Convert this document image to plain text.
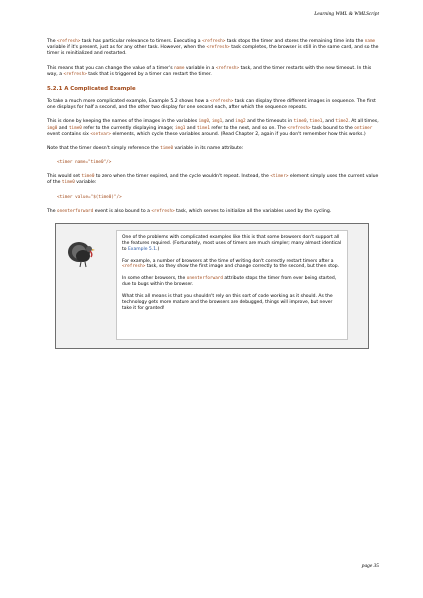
Learning WML & WMLScript

The <refresh> task has particular relevance to timers. Executing a <refresh> task stops the timer and stores the remaining time into the name variable if it's present, just as for any other task. However, when the <refresh> task completes, the browser is still in the same card, and so the timer is reinitialized and restarted.

This means that you can change the value of a timer's name variable in a <refresh> task, and the timer restarts with the new timeout. In this way, a <refresh> task that is triggered by a timer can restart the timer.

5.2.1 A Complicated Example

To take a much more complicated example, Example 5.2 shows how a <refresh> task can display three different images in sequence. The first one displays for half a second, and the other two display for one second each, after which the sequence repeats.

This is done by keeping the names of the images in the variables img0, img1, and img2 and the timeouts in time0, time1, and time2. At all times, img0 and time0 refer to the currently displaying image; img1 and time1 refer to the next, and so on. The <refresh> task bound to the ontimer event contains six <setvar> elements, which cycle these variables around. (Read Chapter 2, again if you don't remember how this works.)

Note that the timer doesn't simply reference the time0 variable in its name attribute:

<timer name="time0"/>

This would set time0 to zero when the timer expired, and the cycle wouldn't repeat. Instead, the <timer> element simply uses the current value of the time0 variable:

<timer value="$(time0)"/>

The onenterforward event is also bound to a <refresh> task, which serves to initialize all the variables used by the cycling.

One of the problems with complicated examples like this is that some browsers don't support all the features required. (Fortunately, most uses of timers are much simpler; many almost identical to Example 5.1.)

For example, a number of browsers at the time of writing don't correctly restart timers after a <refresh> task, so they show the first image and change correctly to the second, but then stop.

In some other browsers, the onenterforward attribute stops the timer from ever being started, due to bugs within the browser.

What this all means is that you shouldn't rely on this sort of code working as it should. As the technology gets more mature and the browsers are debugged, things will improve, but never take it for granted!

page 35
